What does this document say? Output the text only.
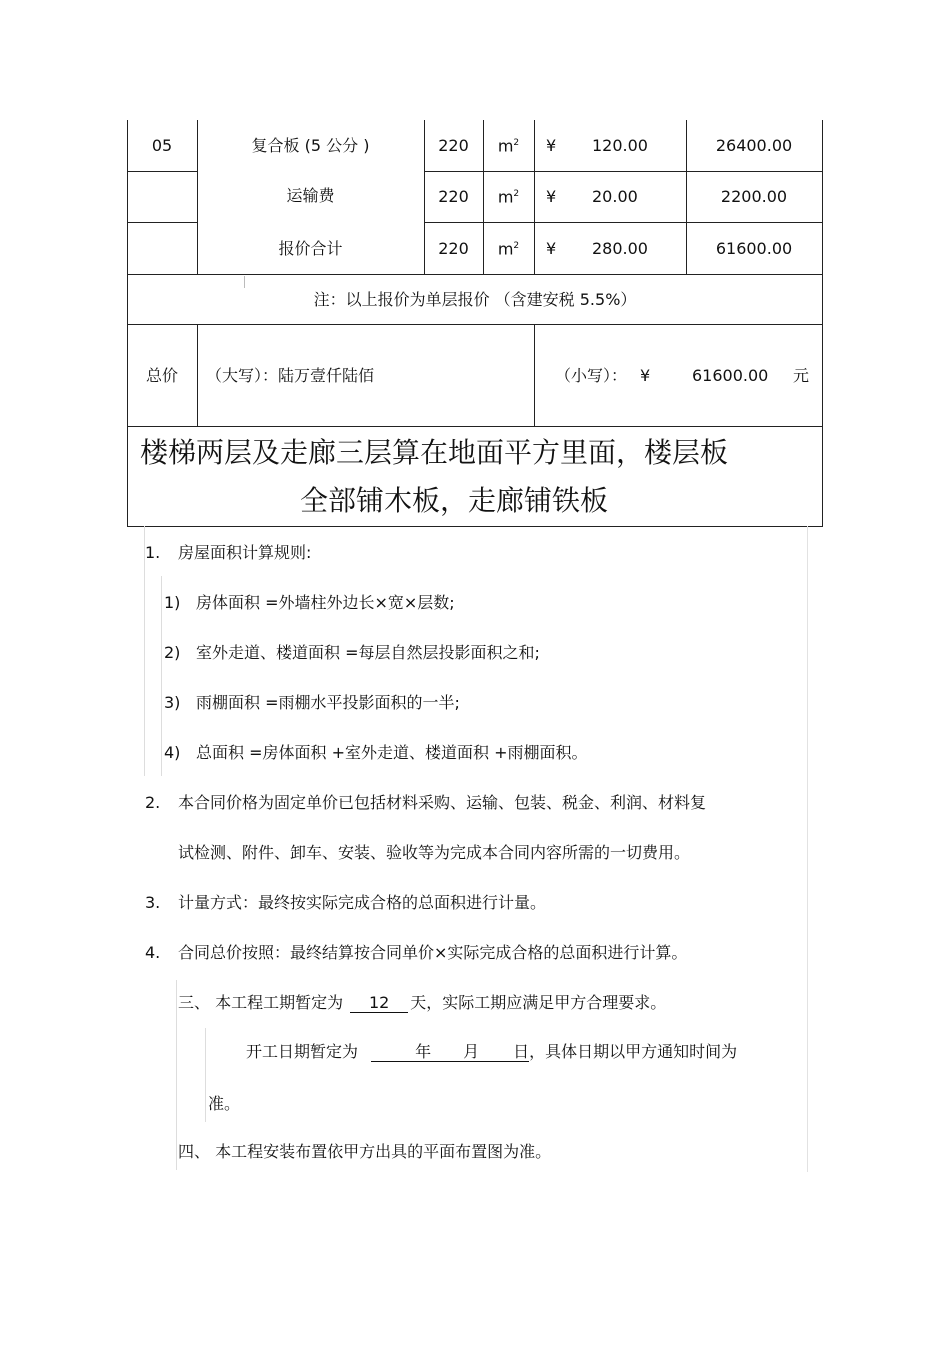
05	复合板 (5 公分 )	220	$m^2$	¥ 120.00	26400.00
运输费	220	$m^2$	¥ 20.00	2200.00
报价合计	220	$m^2$	¥ 280.00	61600.00
注：以上报价为单层报价 （含建安税 5.5%）
总价	（大写）：陆万壹仟陆佰	（小写）： ¥	61600.00 元
楼梯两层及走廊三层算在地面平方里面，楼层板
全部铺木板，走廊铺铁板
1. 房屋面积计算规则:
1) 房体面积 =外墙柱外边长×宽×层数;
2) 室外走道、楼道面积 =每层自然层投影面积之和;
3) 雨棚面积 =雨棚水平投影面积的一半;
4) 总面积 =房体面积 +室外走道、楼道面积 +雨棚面积。
2. 本合同价格为固定单价已包括材料采购、运输、包装、税金、利润、材料复
试检测、附件、卸车、安装、验收等为完成本合同内容所需的一切费用。
3. 计量方式：最终按实际完成合格的总面积进行计量。
4. 合同总价按照：最终结算按合同单价×实际完成合格的总面积进行计算。
三、 本工程工期暂定为 12 天，实际工期应满足甲方合理要求。
开工日期暂定为	年 月 日，具体日期以甲方通知时间为
准。
四、 本工程安装布置依甲方出具的平面布置图为准。
